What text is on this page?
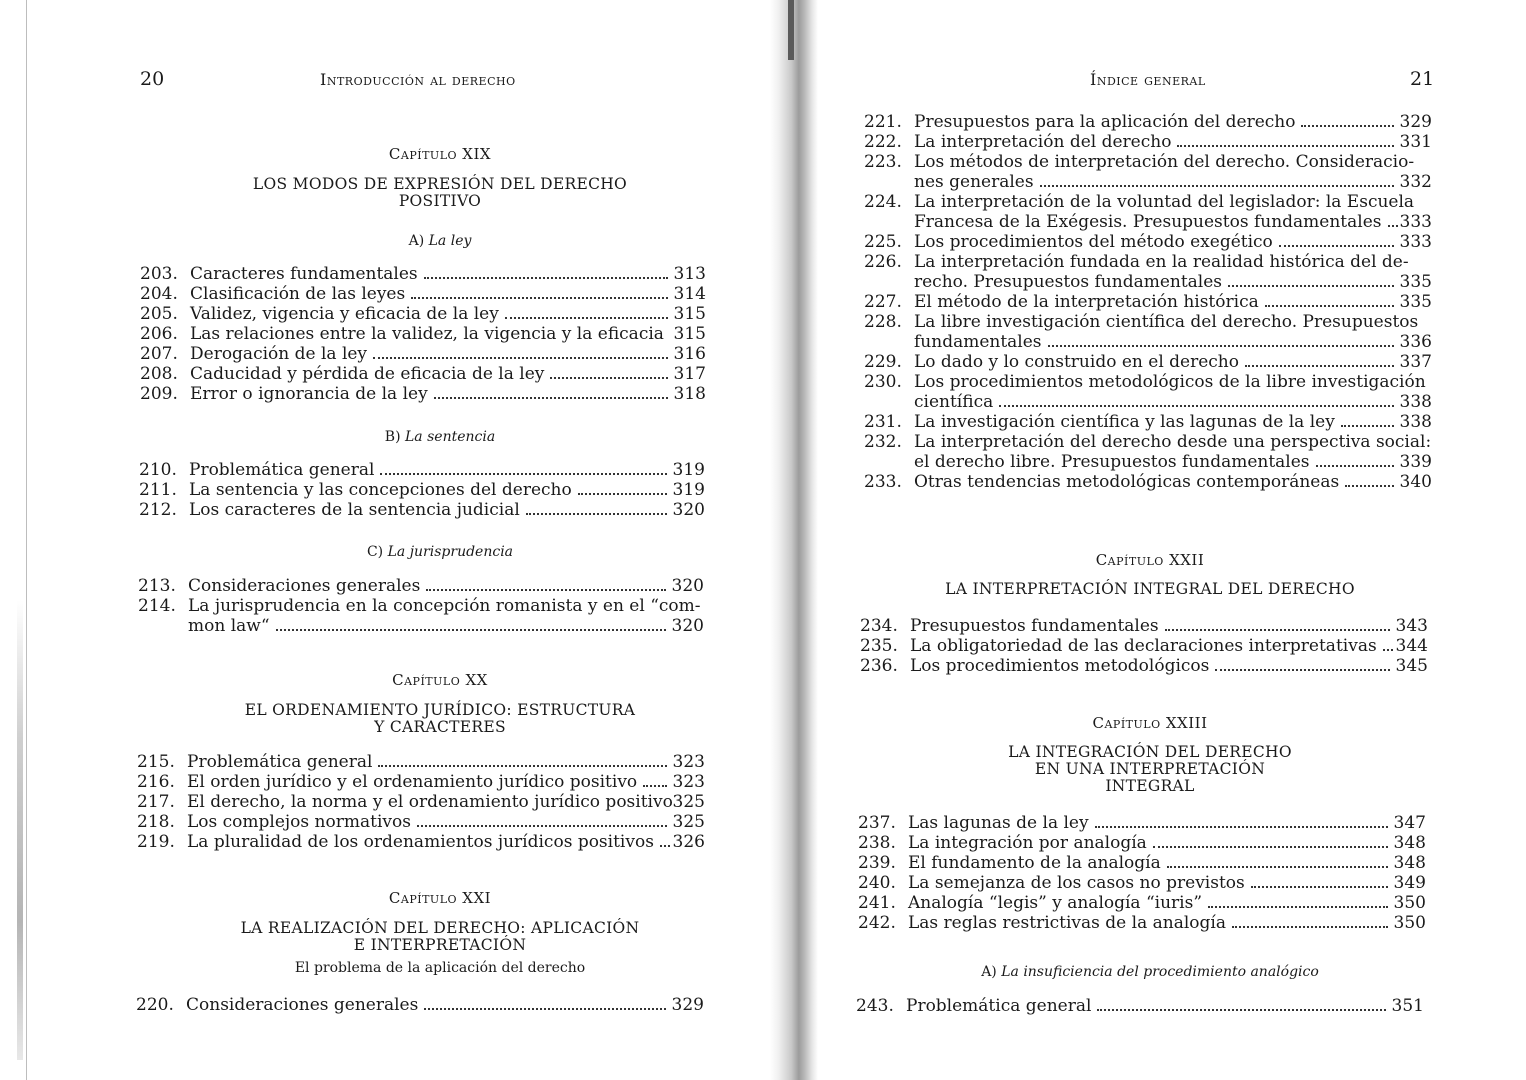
20	Introducción al derecho
Capítulo XIX
LOS MODOS DE EXPRESIÓN DEL DERECHO
POSITIVO
A) La ley
203. Caracteres fundamentales	313
204. Clasificación de las leyes	314
205. Validez, vigencia y eficacia de la ley	315
206. Las relaciones entre la validez, la vigencia y la eficacia 315
207. Derogación de la ley	316
208. Caducidad y pérdida de eficacia de la ley	317
209. Error o ignorancia de la ley	318
B) La sentencia
210. Problemática general	319
211. La sentencia y las concepciones del derecho	319
212. Los caracteres de la sentencia judicial	320
C) La jurisprudencia
213. Consideraciones generales	320
214. La jurisprudencia en la concepción romanista y en el “com-
mon law“	320
Capítulo XX
EL ORDENAMIENTO JURÍDICO: ESTRUCTURA
Y CARACTERES
215. Problemática general	323
216. El orden jurídico y el ordenamiento jurídico positivo 323
217. El derecho, la norma y el ordenamiento jurídico positivo 325
218. Los complejos normativos	325
219. La pluralidad de los ordenamientos jurídicos positivos 326
Capítulo XXI
LA REALIZACIÓN DEL DERECHO: APLICACIÓN
E INTERPRETACIÓN
El problema de la aplicación del derecho
220. Consideraciones generales	329
Índice general	21
221. Presupuestos para la aplicación del derecho	329
222. La interpretación del derecho	331
223. Los métodos de interpretación del derecho. Consideracio-
nes generales	332
224. La interpretación de la voluntad del legislador: la Escuela
Francesa de la Exégesis. Presupuestos fundamentales 333
225. Los procedimientos del método exegético	333
226. La interpretación fundada en la realidad histórica del de-
recho. Presupuestos fundamentales	335
227. El método de la interpretación histórica	335
228. La libre investigación científica del derecho. Presupuestos
fundamentales	336
229. Lo dado y lo construido en el derecho	337
230. Los procedimientos metodológicos de la libre investigación
científica	338
231. La investigación científica y las lagunas de la ley	338
232. La interpretación del derecho desde una perspectiva social:
el derecho libre. Presupuestos fundamentales	339
233. Otras tendencias metodológicas contemporáneas	340
Capítulo XXII
LA INTERPRETACIÓN INTEGRAL DEL DERECHO
234. Presupuestos fundamentales	343
235. La obligatoriedad de las declaraciones interpretativas 344
236. Los procedimientos metodológicos	345
Capítulo XXIII
LA INTEGRACIÓN DEL DERECHO
EN UNA INTERPRETACIÓN
INTEGRAL
237. Las lagunas de la ley	347
238. La integración por analogía	348
239. El fundamento de la analogía	348
240. La semejanza de los casos no previstos	349
241. Analogía “legis” y analogía “iuris”	350
242. Las reglas restrictivas de la analogía	350
A) La insuficiencia del procedimiento analógico
243. Problemática general	351
